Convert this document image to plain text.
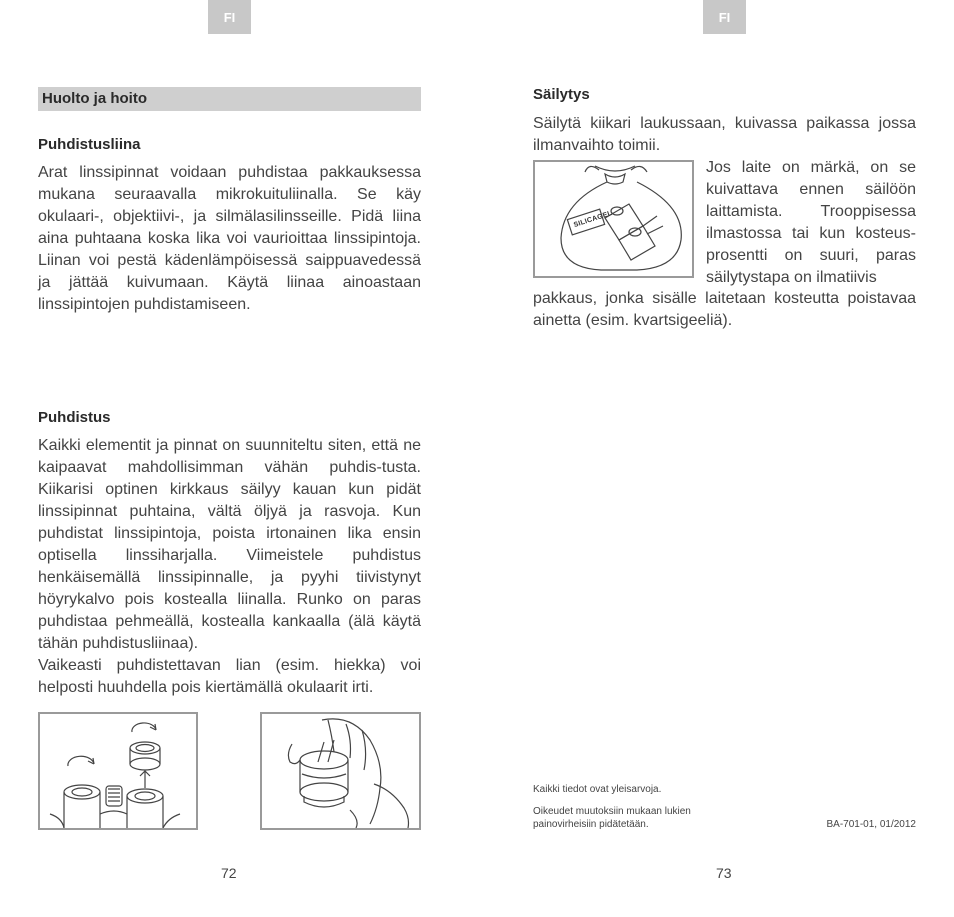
FI
Huolto ja hoito
Puhdistusliina

Arat linssipinnat voidaan puhdistaa pakkauksessa mukana seuraavalla mikrokuituliinalla. Se käy okulaari-, objektiivi-, ja silmälasilinsseille. Pidä liina aina puhtaana koska lika voi vaurioittaa linssipintoja. Liinan voi pestä kädenlämpöisessä saippuavedessä ja jättää kuivumaan. Käytä liinaa ainoastaan linssipintojen puhdistamiseen.

Puhdistus

Kaikki elementit ja pinnat on suunniteltu siten, että ne kaipaavat mahdollisimman vähän puhdis-tusta. Kiikarisi optinen kirkkaus säilyy kauan kun pidät linssipinnat puhtaina, vältä öljyä ja rasvoja. Kun puhdistat linssipintoja, poista irtonainen lika ensin optisella linssiharjalla. Viimeistele puhdistus henkäisemällä linssipinnalle, ja pyyhi tiivistynyt höyrykalvo pois kostealla liinalla. Runko on paras puhdistaa pehmeällä, kostealla kankaalla (älä käytä tähän puhdistusliinaa).

Vaikeasti puhdistettavan lian (esim. hiekka) voi helposti huuhdella pois kiertämällä okulaarit irti.

72
FI
Säilytys

Säilytä kiikari laukussaan, kuivassa paikassa jossa ilmanvaihto toimii.

SILICAGEL

Jos laite on märkä, on se kuivattava ennen säilöön laittamista. Trooppisessa ilmastossa tai kun kosteus-prosentti on suuri, paras säilytystapa on ilmatiivis

pakkaus, jonka sisälle laitetaan kosteutta poistavaa ainetta (esim. kvartsigeeliä).

Kaikki tiedot ovat yleisarvoja.
Oikeudet muutoksiin mukaan lukien
painovirheisiin pidätetään.	BA-701-01, 01/2012
73
